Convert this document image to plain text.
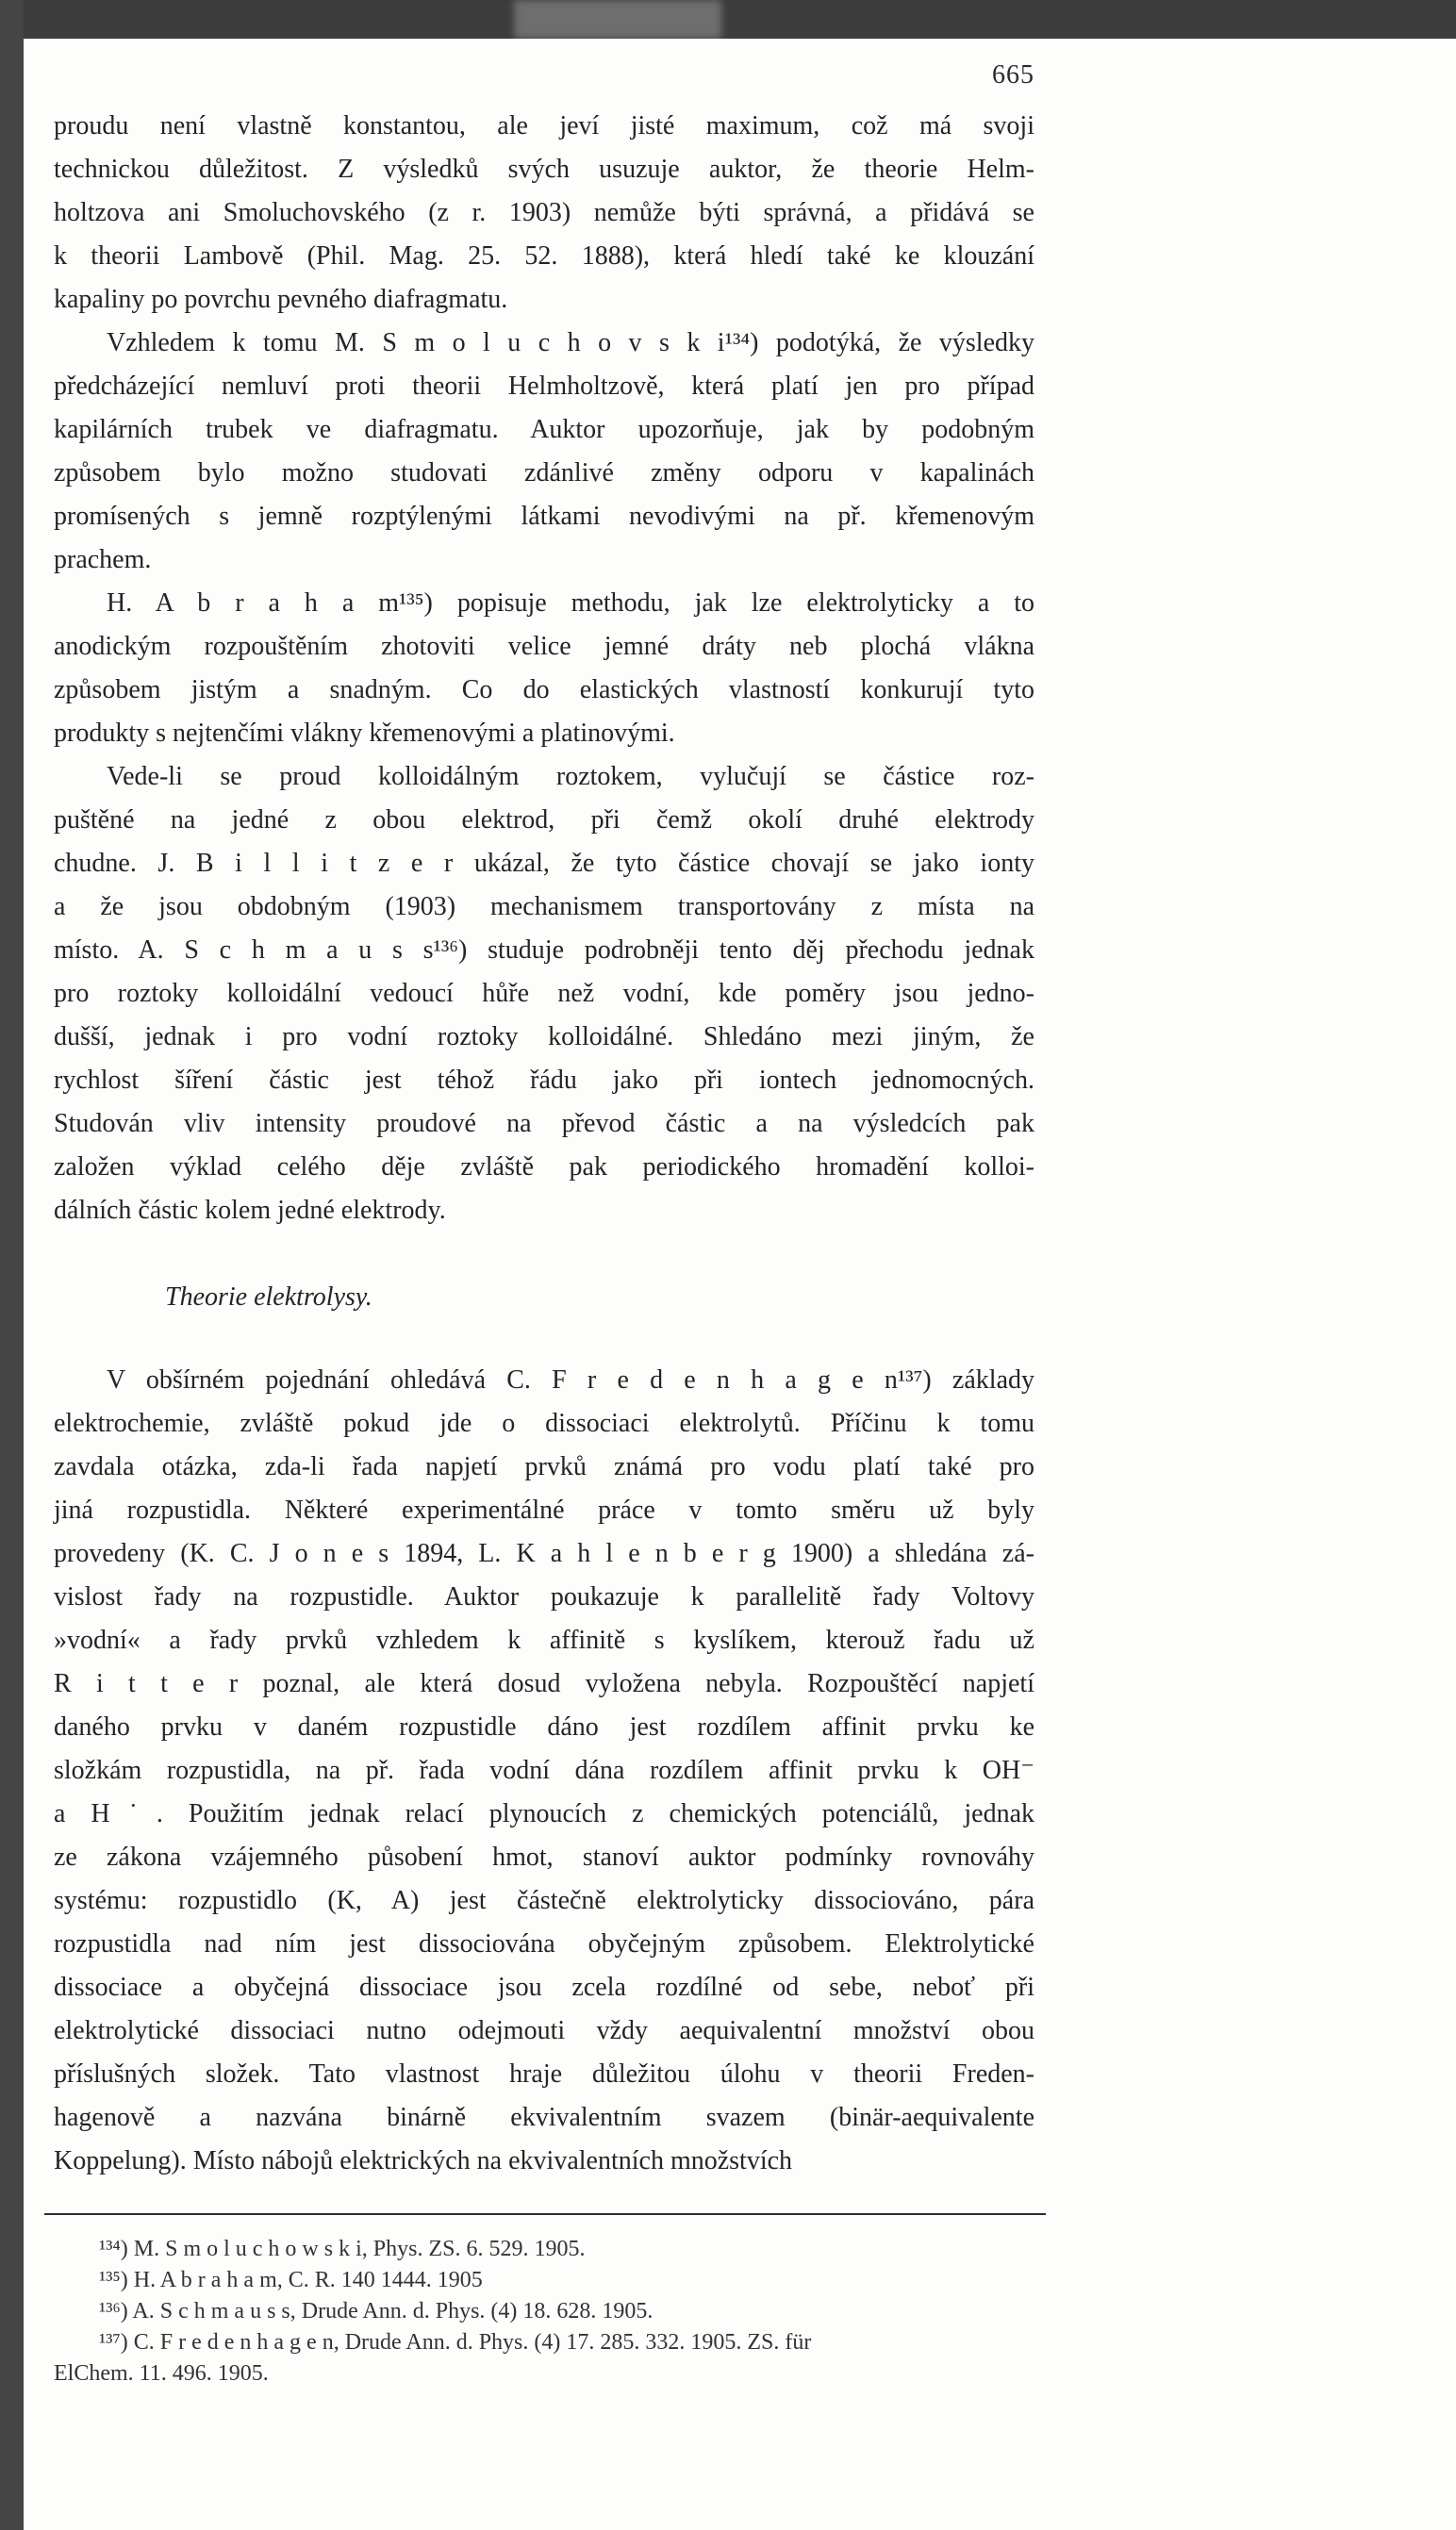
665
proudu není vlastně konstantou, ale jeví jisté maximum, což má svoji
technickou důležitost. Z výsledků svých usuzuje auktor, že theorie Helm-
holtzova ani Smoluchovského (z r. 1903) nemůže býti správná, a přidává se
k theorii Lambově (Phil. Mag. 25. 52. 1888), která hledí také ke klouzání
kapaliny po povrchu pevného diafragmatu.
Vzhledem k tomu M. S m o l u c h o v s k i¹³⁴) podotýká, že výsledky
předcházející nemluví proti theorii Helmholtzově, která platí jen pro případ
kapilárních trubek ve diafragmatu. Auktor upozorňuje, jak by podobným
způsobem bylo možno studovati zdánlivé změny odporu v kapalinách
promísených s jemně rozptýlenými látkami nevodivými na př. křemenovým
prachem.
H. A b r a h a m¹³⁵) popisuje methodu, jak lze elektrolyticky a to
anodickým rozpouštěním zhotoviti velice jemné dráty neb plochá vlákna
způsobem jistým a snadným. Co do elastických vlastností konkurují tyto
produkty s nejtenčími vlákny křemenovými a platinovými.
Vede-li se proud kolloidálným roztokem, vylučují se částice roz-
puštěné na jedné z obou elektrod, při čemž okolí druhé elektrody
chudne. J. B i l l i t z e r ukázal, že tyto částice chovají se jako ionty
a že jsou obdobným (1903) mechanismem transportovány z místa na
místo. A. S c h m a u s s¹³⁶) studuje podrobněji tento děj přechodu jednak
pro roztoky kolloidální vedoucí hůře než vodní, kde poměry jsou jedno-
dušší, jednak i pro vodní roztoky kolloidálné. Shledáno mezi jiným, že
rychlost šíření částic jest téhož řádu jako při iontech jednomocných.
Studován vliv intensity proudové na převod částic a na výsledcích pak
založen výklad celého děje zvláště pak periodického hromadění kolloi-
dálních částic kolem jedné elektrody.
Theorie elektrolysy.
V obšírném pojednání ohledává C. F r e d e n h a g e n¹³⁷) základy
elektrochemie, zvláště pokud jde o dissociaci elektrolytů. Příčinu k tomu
zavdala otázka, zda-li řada napjetí prvků známá pro vodu platí také pro
jiná rozpustidla. Některé experimentálné práce v tomto směru už byly
provedeny (K. C. J o n e s 1894, L. K a h l e n b e r g 1900) a shledána zá-
vislost řady na rozpustidle. Auktor poukazuje k parallelitě řady Voltovy
»vodní« a řady prvků vzhledem k affinitě s kyslíkem, kterouž řadu už
R i t t e r poznal, ale která dosud vyložena nebyla. Rozpouštěcí napjetí
daného prvku v daném rozpustidle dáno jest rozdílem affinit prvku ke
složkám rozpustidla, na př. řada vodní dána rozdílem affinit prvku k OH⁻
a H˙. Použitím jednak relací plynoucích z chemických potenciálů, jednak
ze zákona vzájemného působení hmot, stanoví auktor podmínky rovnováhy
systému: rozpustidlo (K, A) jest částečně elektrolyticky dissociováno, pára
rozpustidla nad ním jest dissociována obyčejným způsobem. Elektrolytické
dissociace a obyčejná dissociace jsou zcela rozdílné od sebe, neboť při
elektrolytické dissociaci nutno odejmouti vždy aequivalentní množství obou
příslušných složek. Tato vlastnost hraje důležitou úlohu v theorii Freden-
hagenově a nazvána binárně ekvivalentním svazem (binär-aequivalente
Koppelung). Místo nábojů elektrických na ekvivalentních množstvích
¹³⁴) M. S m o l u c h o w s k i, Phys. ZS. 6. 529. 1905.
¹³⁵) H. A b r a h a m, C. R. 140 1444. 1905
¹³⁶) A. S c h m a u s s, Drude Ann. d. Phys. (4) 18. 628. 1905.
¹³⁷) C. F r e d e n h a g e n, Drude Ann. d. Phys. (4) 17. 285. 332. 1905. ZS. für
ElChem. 11. 496. 1905.
